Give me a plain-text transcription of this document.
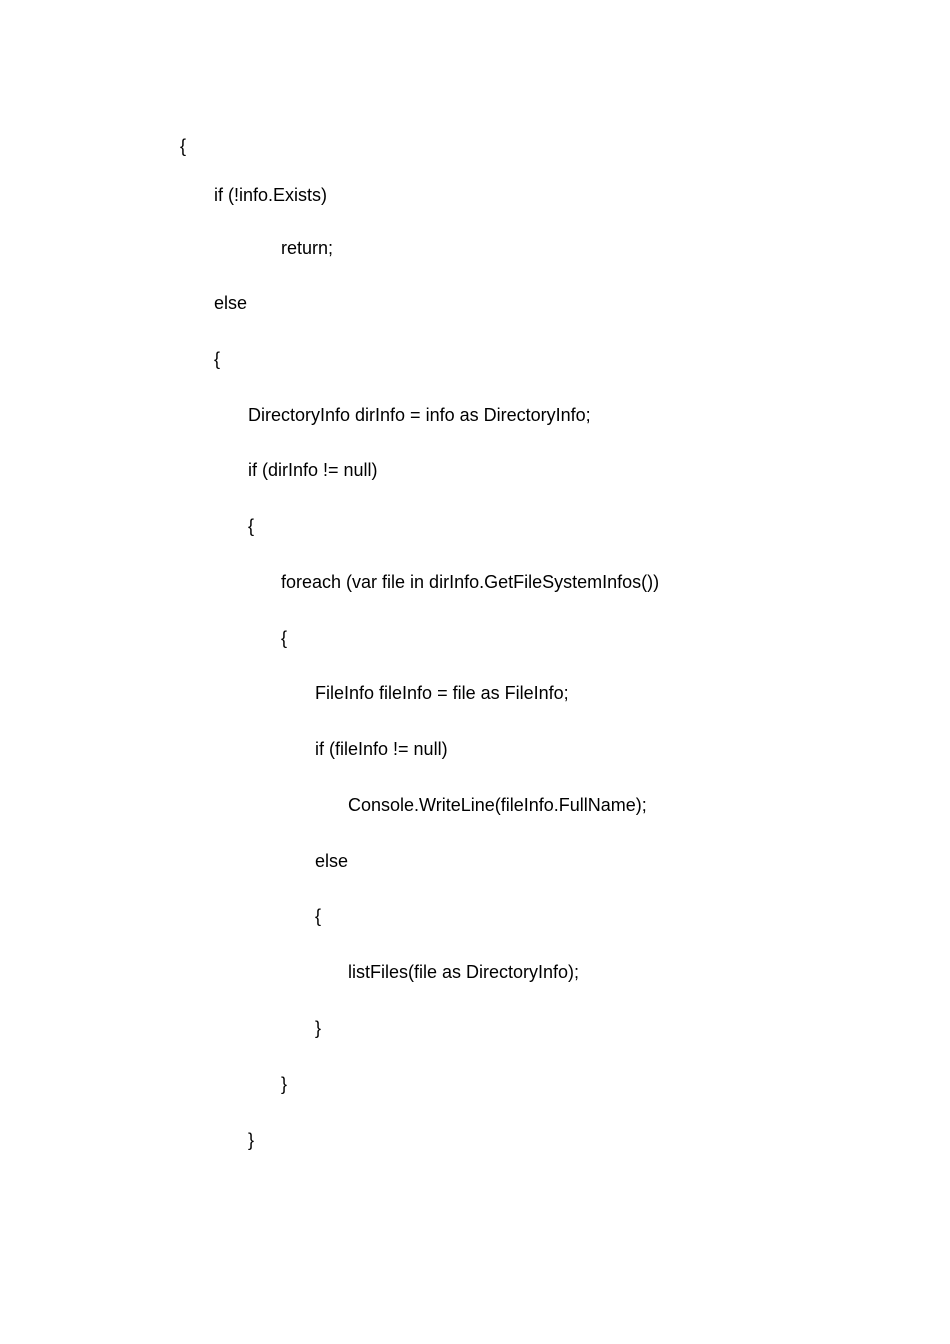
{
if (!info.Exists)
return;
else
{
DirectoryInfo dirInfo = info as DirectoryInfo;
if (dirInfo != null)
{
foreach (var file in dirInfo.GetFileSystemInfos())
{
FileInfo fileInfo = file as FileInfo;
if (fileInfo != null)
Console.WriteLine(fileInfo.FullName);
else
{
listFiles(file as DirectoryInfo);
}
}
}
